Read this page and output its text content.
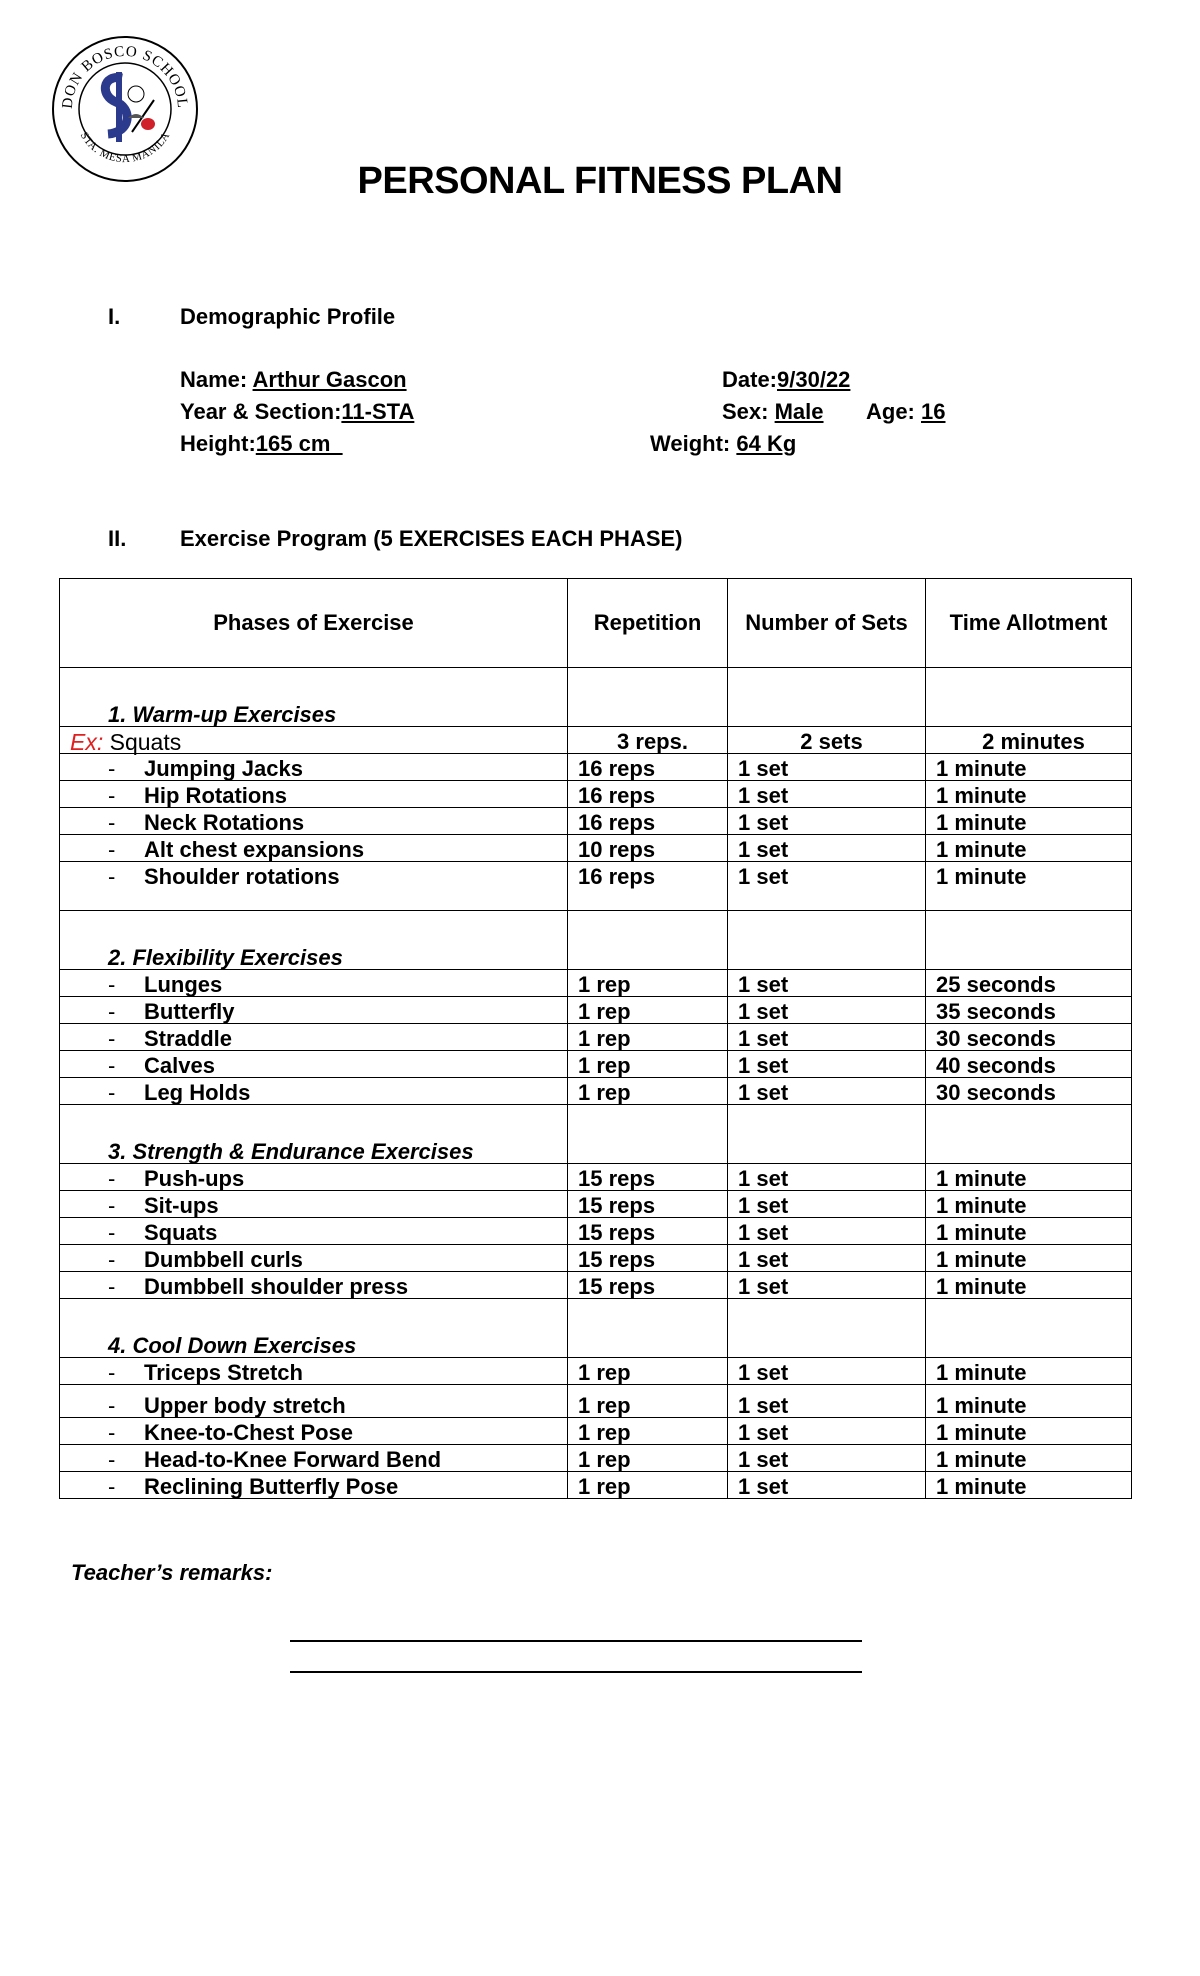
DON BOSCO SCHOOL
STA. MESA MANILA
PERSONAL FITNESS PLAN
I.	Demographic Profile
Name: Arthur Gascon	Date:9/30/22
Year & Section:11-STA	Sex: Male Age: 16
Height:165 cm	Weight: 64 Kg
II. Exercise Program (5 EXERCISES EACH PHASE)
Phases of Exercise	Repetition	Number of Sets	Time Allotment
1. Warm-up Exercises			
Ex: Squats	3 reps.	2 sets	2 minutes
- Jumping Jacks	16 reps	1 set	1 minute
- Hip Rotations	16 reps	1 set	1 minute
- Neck Rotations	16 reps	1 set	1 minute
- Alt chest expansions	10 reps	1 set	1 minute
- Shoulder rotations	16 reps	1 set	1 minute
2. Flexibility Exercises			
- Lunges	1 rep	1 set	25 seconds
- Butterfly	1 rep	1 set	35 seconds
- Straddle	1 rep	1 set	30 seconds
- Calves	1 rep	1 set	40 seconds
- Leg Holds	1 rep	1 set	30 seconds
3. Strength & Endurance Exercises			
- Push-ups	15 reps	1 set	1 minute
- Sit-ups	15 reps	1 set	1 minute
- Squats	15 reps	1 set	1 minute
- Dumbbell curls	15 reps	1 set	1 minute
- Dumbbell shoulder press	15 reps	1 set	1 minute
4. Cool Down Exercises			
- Triceps Stretch	1 rep	1 set	1 minute
- Upper body stretch	1 rep	1 set	1 minute
- Knee-to-Chest Pose	1 rep	1 set	1 minute
- Head-to-Knee Forward Bend	1 rep	1 set	1 minute
- Reclining Butterfly Pose	1 rep	1 set	1 minute
Teacher’s remarks:
